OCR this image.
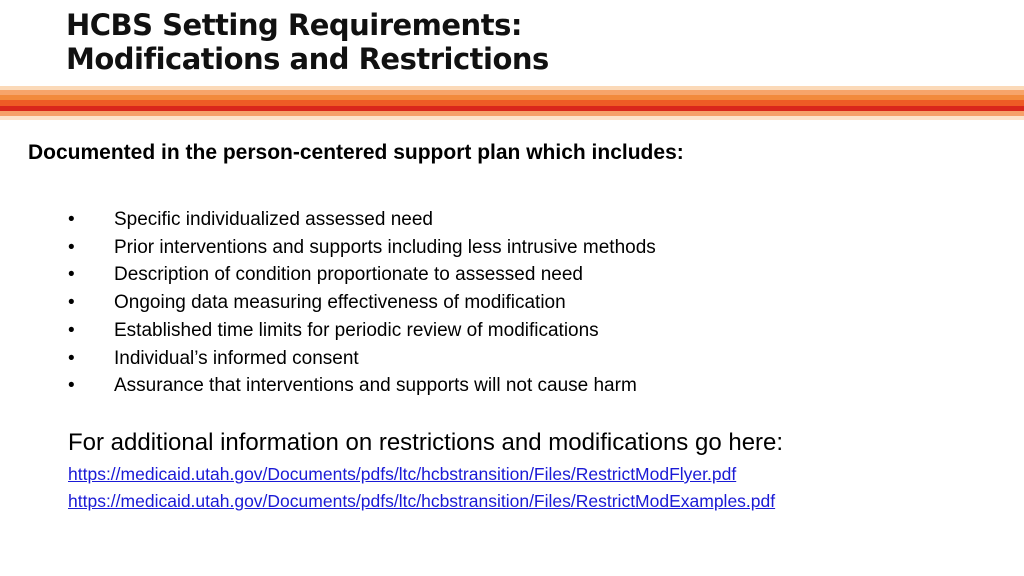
HCBS Setting Requirements:
Modifications and Restrictions
Documented in the person-centered support plan which includes:
•	Specific individualized assessed need
•	Prior interventions and supports including less intrusive methods
•	Description of condition proportionate to assessed need
•	Ongoing data measuring effectiveness of modification
•	Established time limits for periodic review of modifications
•	Individual’s informed consent
•	Assurance that interventions and supports will not cause harm
For additional information on restrictions and modifications go here:
https://medicaid.utah.gov/Documents/pdfs/ltc/hcbstransition/Files/RestrictModFlyer.pdf
https://medicaid.utah.gov/Documents/pdfs/ltc/hcbstransition/Files/RestrictModExamples.pdf
